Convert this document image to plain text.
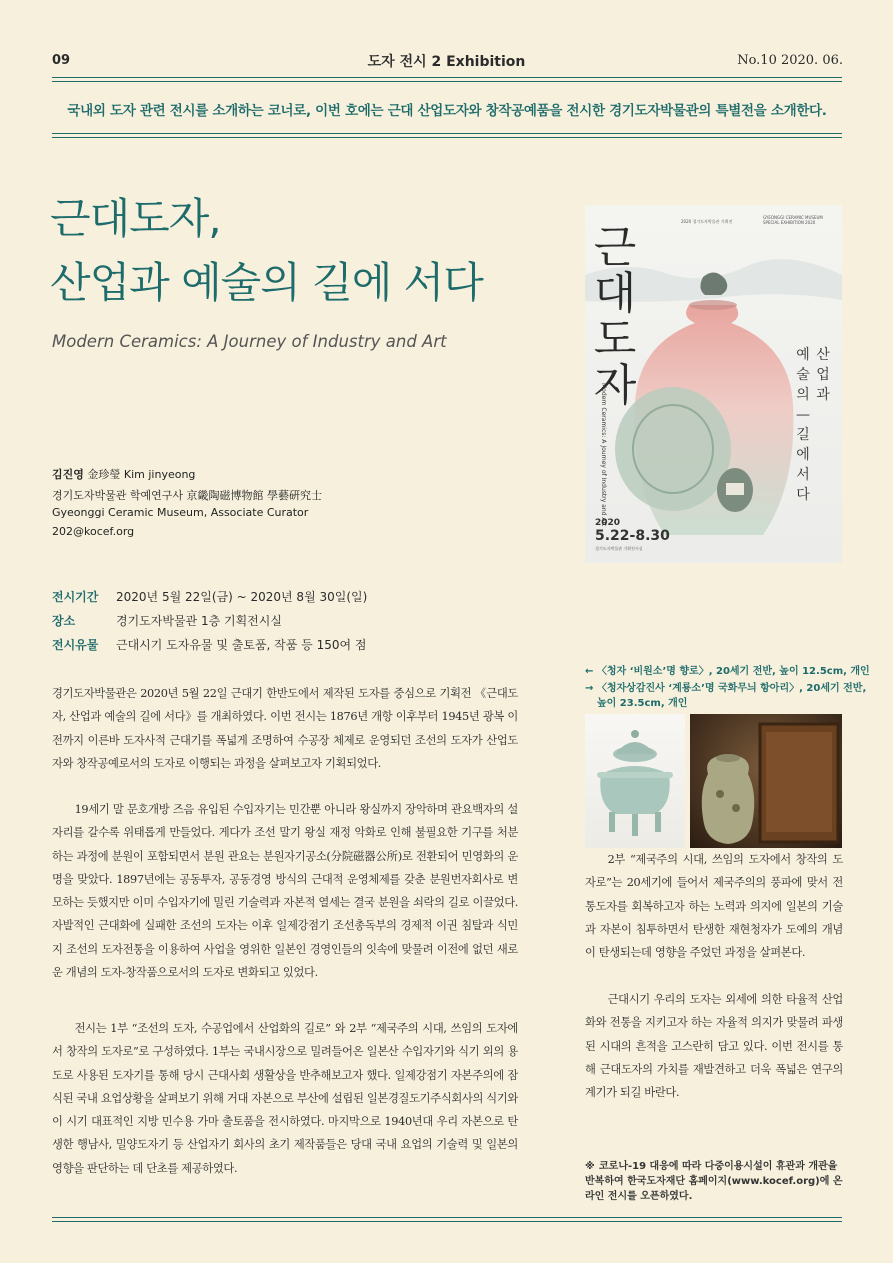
09	도자 전시 2 Exhibition	No.10 2020. 06.
국내외 도자 관련 전시를 소개하는 코너로, 이번 호에는 근대 산업도자와 창작공예품을 전시한 경기도자박물관의 특별전을 소개한다.
근대도자,
산업과 예술의 길에 서다
Modern Ceramics: A Journey of Industry and Art
김진영 金珍瑩 Kim jinyeong
경기도자박물관 학예연구사 京畿陶磁博物館 學藝硏究士
Gyeonggi Ceramic Museum, Associate Curator
202@kocef.org
전시기간 2020년 5월 22일(금) ~ 2020년 8월 30일(일)
장소	경기도자박물관 1층 기획전시실
전시유물 근대시기 도자유물 및 출토품, 작품 등 150여 점
2020 경기도자박물관 기획전
GYEONGGI CERAMIC MUSEUM SPECIAL EXHIBITION 2020
근
대
도
자
Modern Ceramics: A Journey of Industry and Art
산
업
과
예
술
의
—
길
에
서
다
2020
5.22-8.30
경기도자박물관 기획전시실

경기도자박물관은 2020년 5월 22일 근대기 한반도에서 제작된 도자를 중심으로 기획전 《근대도자, 산업과 예술의 길에 서다》를 개최하였다. 이번 전시는 1876년 개항 이후부터 1945년 광복 이전까지 이른바 도자사적 근대기를 폭넓게 조명하여 수공장 체제로 운영되던 조선의 도자가 산업도자와 창작공예로서의 도자로 이행되는 과정을 살펴보고자 기획되었다.

19세기 말 문호개방 즈음 유입된 수입자기는 민간뿐 아니라 왕실까지 장악하며 관요백자의 설 자리를 갈수록 위태롭게 만들었다. 게다가 조선 말기 왕실 재정 악화로 인해 불필요한 기구를 처분하는 과정에 분원이 포함되면서 분원 관요는 분원자기공소(分院磁器公所)로 전환되어 민영화의 운명을 맞았다. 1897년에는 공동투자, 공동경영 방식의 근대적 운영체제를 갖춘 분원번자회사로 변모하는 듯했지만 이미 수입자기에 밀린 기술력과 자본적 열세는 결국 분원을 쇠락의 길로 이끌었다. 자발적인 근대화에 실패한 조선의 도자는 이후 일제강점기 조선총독부의 경제적 이권 침탈과 식민지 조선의 도자전통을 이용하여 사업을 영위한 일본인 경영인들의 잇속에 맞물려 이전에 없던 새로운 개념의 도자-창작품으로서의 도자로 변화되고 있었다.

전시는 1부 “조선의 도자, 수공업에서 산업화의 길로” 와 2부 “제국주의 시대, 쓰임의 도자에서 창작의 도자로”로 구성하였다. 1부는 국내시장으로 밀려들어온 일본산 수입자기와 식기 외의 용도로 사용된 도자기를 통해 당시 근대사회 생활상을 반추해보고자 했다. 일제강점기 자본주의에 잠식된 국내 요업상황을 살펴보기 위해 거대 자본으로 부산에 설립된 일본경질도기주식회사의 식기와 이 시기 대표적인 지방 민수용 가마 출토품을 전시하였다. 마지막으로 1940년대 우리 자본으로 탄생한 행남사, 밀양도자기 등 산업자기 회사의 초기 제작품들은 당대 국내 요업의 기술력 및 일본의 영향을 판단하는 데 단초를 제공하였다.

← 〈청자 ‘비원소’명 향로〉, 20세기 전반, 높이 12.5cm, 개인
→ 〈청자상감진사 ‘계룡소’명 국화무늬 항아리〉, 20세기 전반,
높이 23.5cm, 개인

2부 “제국주의 시대, 쓰임의 도자에서 창작의 도자로”는 20세기에 들어서 제국주의의 풍파에 맞서 전통도자를 회복하고자 하는 노력과 의지에 일본의 기술과 자본이 침투하면서 탄생한 재현청자가 도예의 개념이 탄생되는데 영향을 주었던 과정을 살펴본다.

근대시기 우리의 도자는 외세에 의한 타율적 산업화와 전통을 지키고자 하는 자율적 의지가 맞물려 파생된 시대의 흔적을 고스란히 담고 있다. 이번 전시를 통해 근대도자의 가치를 재발견하고 더욱 폭넓은 연구의 계기가 되길 바란다.

※ 코로나-19 대응에 따라 다중이용시설이 휴관과 개관을 반복하여 한국도자재단 홈페이지(www.kocef.org)에 온라인 전시를 오픈하였다.
